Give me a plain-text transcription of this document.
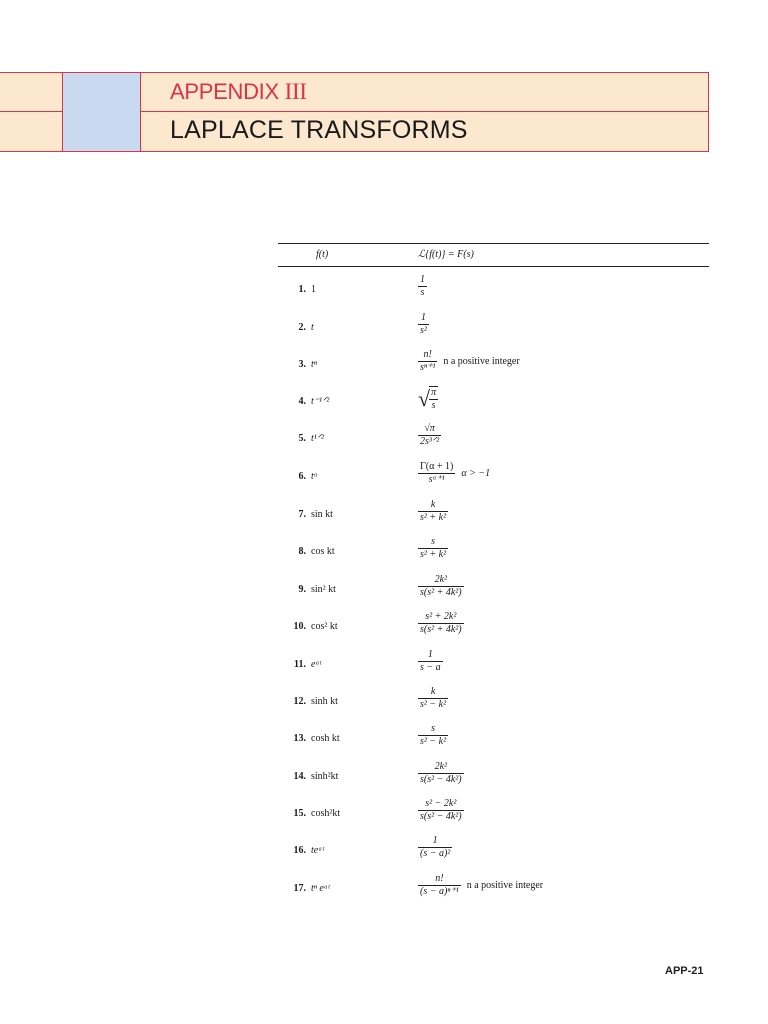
APPENDIX III
LAPLACE TRANSFORMS
f(t)	ℒ{f(t)} = F(s)
1. 1	$\frac{1}{s}$
2. t	$\frac{1}{\text{s²}}$
3. tⁿ	$\frac{n!}{\text{sⁿ⁺¹}}$ n a positive integer
4. t⁻¹ᐟ²	√ $\frac{\pi}{s}$
5. t¹ᐟ²	$\frac{√\pi}{\text{2s³ᐟ²}}$
6. tᵅ	$\frac{\Gamma(\alpha + 1)}{\text{sᵅ⁺¹}}$ α > −1
7. sin kt	$\frac{k}{\text{s² + k²}}$
8. cos kt	$\frac{s}{\text{s² + k²}}$
9. sin² kt	$\frac{\text{2k²}}{\text{s(s² + 4k²)}}$
10. cos² kt	$\frac{\text{s² + 2k²}}{\text{s(s² + 4k²)}}$
11. eᵃᵗ	$\frac{1}{s - a}$
12. sinh kt	$\frac{k}{\text{s² − k²}}$
13. cosh kt	$\frac{s}{\text{s² − k²}}$
14. sinh²kt	$\frac{\text{2k²}}{\text{s(s² − 4k²)}}$
15. cosh²kt	$\frac{\text{s² − 2k²}}{\text{s(s² − 4k²)}}$
16. teᵃᵗ	$\frac{1}{\text{(s − a)²}}$
17. tⁿ eᵃᵗ	$\frac{n!}{\text{(s − a)ⁿ⁺¹}}$ n a positive integer
APP-21
